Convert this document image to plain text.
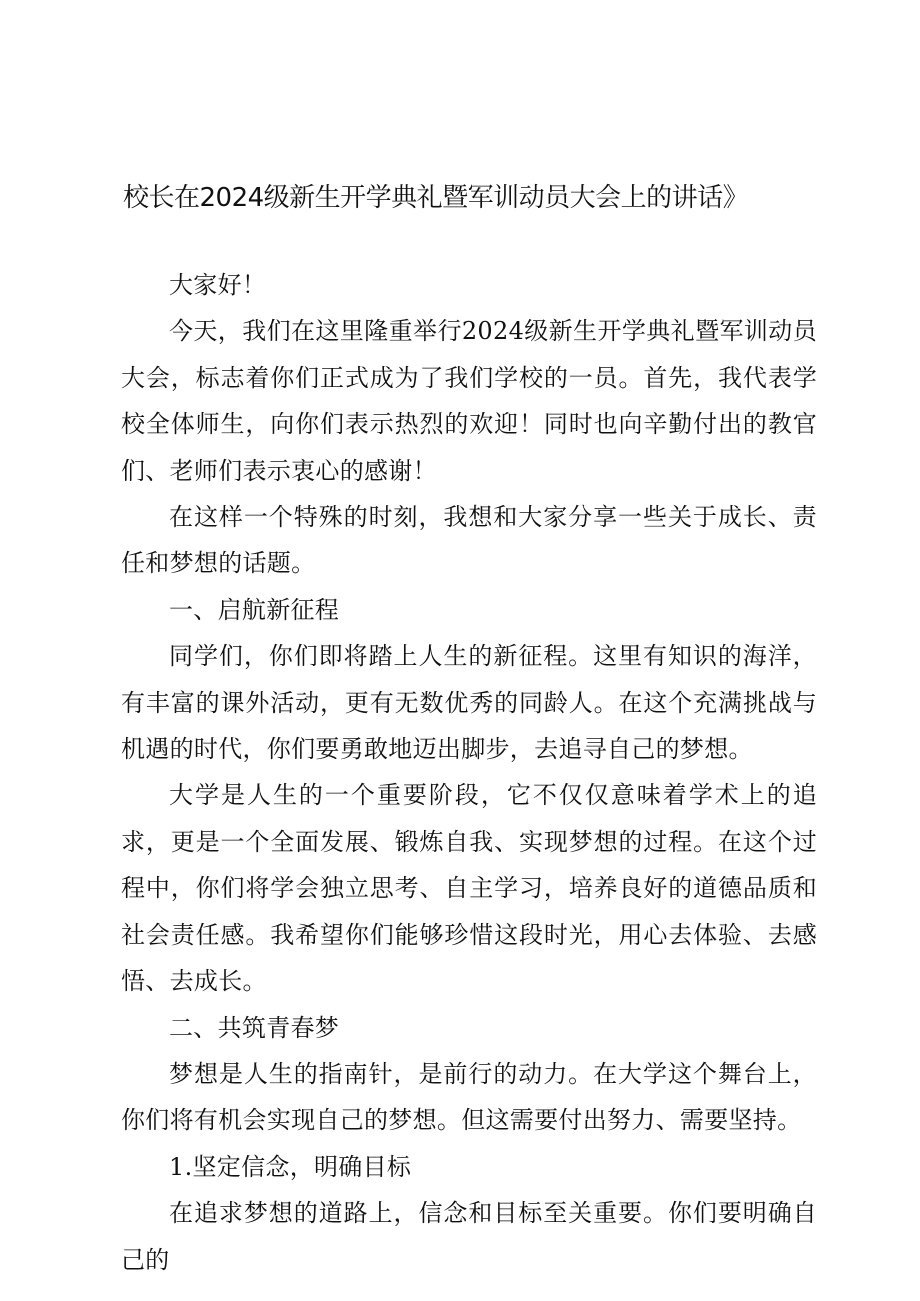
校长在2024级新生开学典礼暨军训动员大会上的讲话》

大家好！

今天，我们在这里隆重举行2024级新生开学典礼暨军训动员大会，标志着你们正式成为了我们学校的一员。首先，我代表学校全体师生，向你们表示热烈的欢迎！同时也向辛勤付出的教官们、老师们表示衷心的感谢！

在这样一个特殊的时刻，我想和大家分享一些关于成长、责任和梦想的话题。

一、启航新征程

同学们，你们即将踏上人生的新征程。这里有知识的海洋，有丰富的课外活动，更有无数优秀的同龄人。在这个充满挑战与机遇的时代，你们要勇敢地迈出脚步，去追寻自己的梦想。

大学是人生的一个重要阶段，它不仅仅意味着学术上的追求，更是一个全面发展、锻炼自我、实现梦想的过程。在这个过程中，你们将学会独立思考、自主学习，培养良好的道德品质和社会责任感。我希望你们能够珍惜这段时光，用心去体验、去感悟、去成长。

二、共筑青春梦

梦想是人生的指南针，是前行的动力。在大学这个舞台上，你们将有机会实现自己的梦想。但这需要付出努力、需要坚持。

1.坚定信念，明确目标

在追求梦想的道路上，信念和目标至关重要。你们要明确自己的
